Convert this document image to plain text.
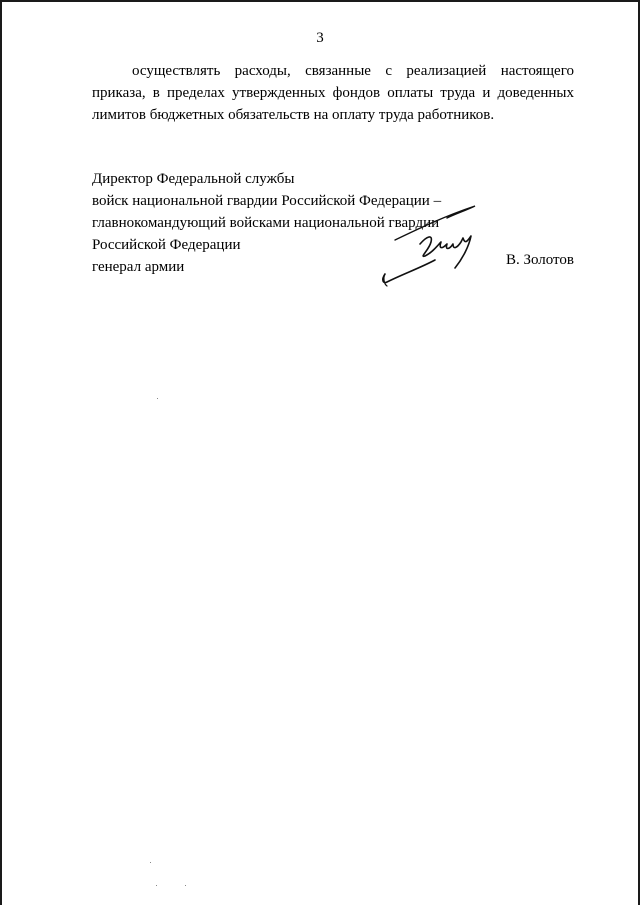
3
осуществлять расходы, связанные с реализацией настоящего
приказа, в пределах утвержденных фондов оплаты труда и доведенных
лимитов бюджетных обязательств на оплату труда работников.
Директор Федеральной службы
войск национальной гвардии Российской Федерации –
главнокомандующий войсками национальной гвардии
Российской Федерации
генерал армии	В. Золотов
